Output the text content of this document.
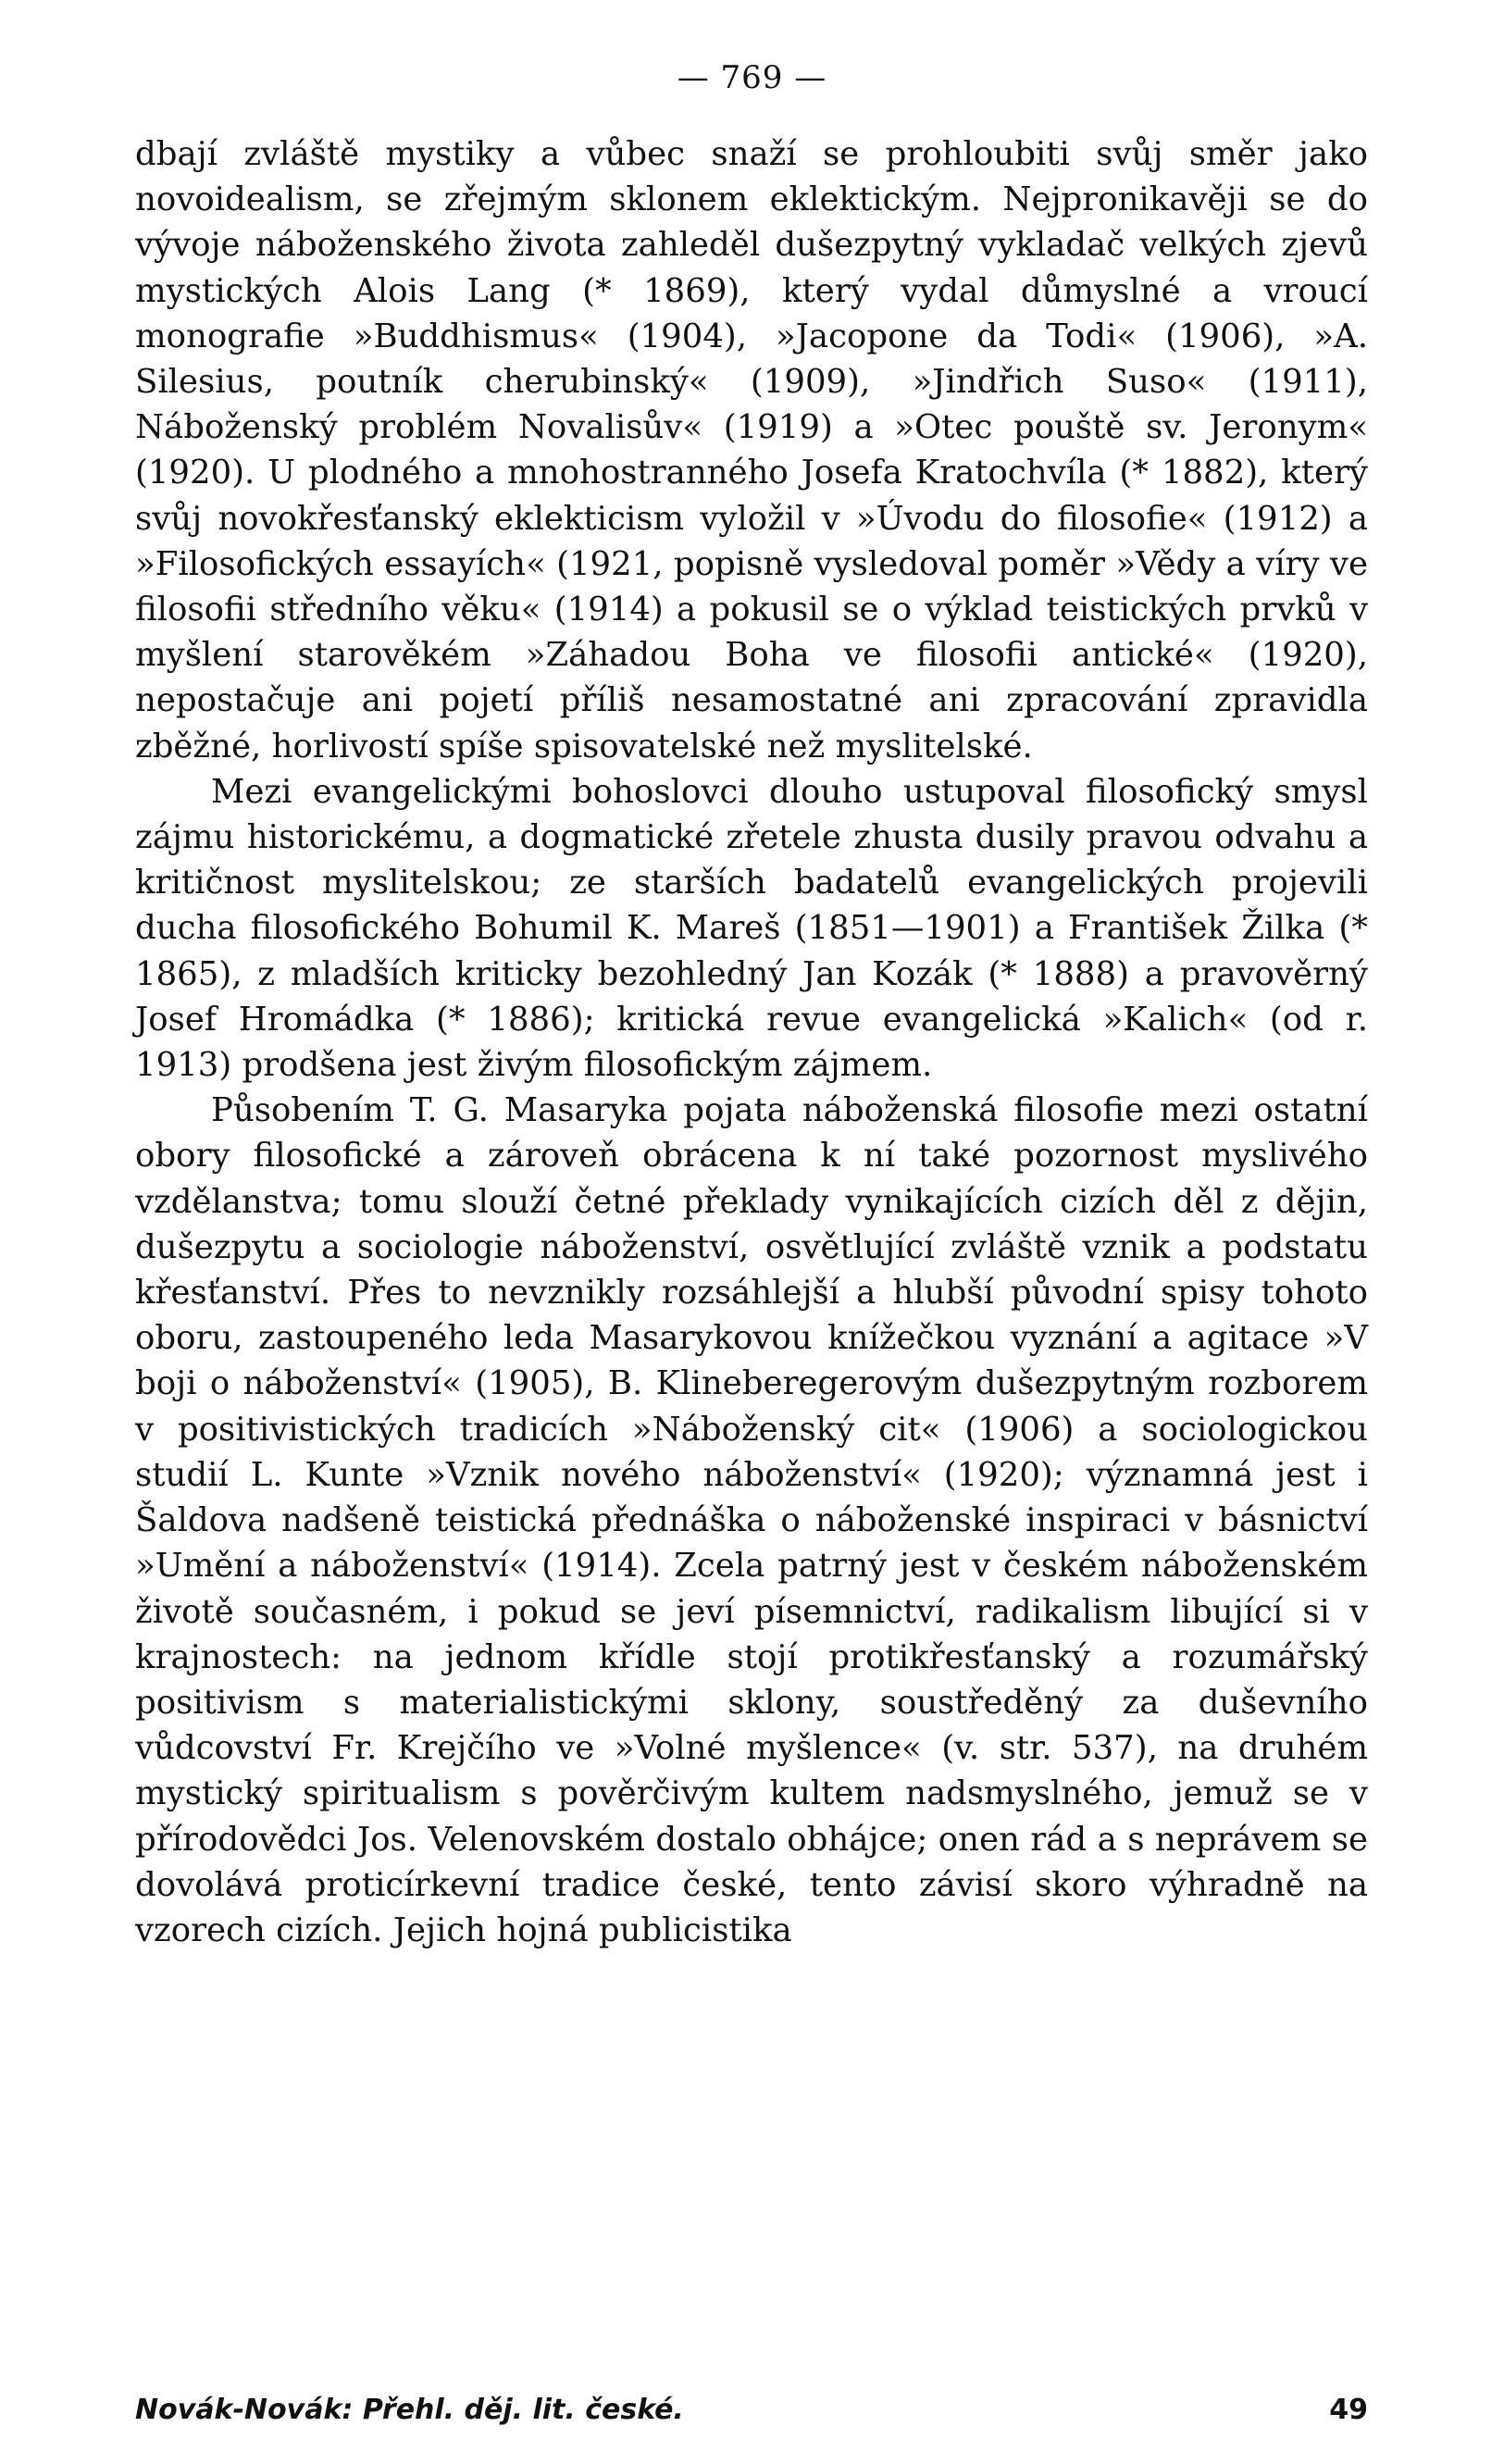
— 769 —

dbají zvláště mystiky a vůbec snaží se prohloubiti svůj směr jako novoidealism, se zřejmým sklonem eklektickým. Nejpronikavěji se do vývoje náboženského života zahleděl dušezpytný vykladač velkých zjevů mystických Alois Lang (* 1869), který vydal důmyslné a vroucí monografie »Buddhismus« (1904), »Jacopone da Todi« (1906), »A. Silesius, poutník cherubinský« (1909), »Jindřich Suso« (1911), Náboženský problém Novalisův« (1919) a »Otec pouště sv. Jeronym« (1920). U plodného a mnohostranného Josefa Kratochvíla (* 1882), který svůj novokřesťanský eklekticism vyložil v »Úvodu do filosofie« (1912) a »Filosofických essayích« (1921, popisně vysledoval poměr »Vědy a víry ve filosofii středního věku« (1914) a pokusil se o výklad teistických prvků v myšlení starověkém »Záhadou Boha ve filosofii antické« (1920), nepostačuje ani pojetí příliš nesamostatné ani zpracování zpravidla zběžné, horlivostí spíše spisovatelské než myslitelské.

Mezi evangelickými bohoslovci dlouho ustupoval filosofický smysl zájmu historickému, a dogmatické zřetele zhusta dusily pravou odvahu a kritičnost myslitelskou; ze starších badatelů evangelických projevili ducha filosofického Bohumil K. Mareš (1851—1901) a František Žilka (* 1865), z mladších kriticky bezohledný Jan Kozák (* 1888) a pravověrný Josef Hromádka (* 1886); kritická revue evangelická »Kalich« (od r. 1913) prodšena jest živým filosofickým zájmem.

Působením T. G. Masaryka pojata náboženská filosofie mezi ostatní obory filosofické a zároveň obrácena k ní také pozornost myslivého vzdělanstva; tomu slouží četné překlady vynikajících cizích děl z dějin, dušezpytu a sociologie náboženství, osvětlující zvláště vznik a podstatu křesťanství. Přes to nevznikly rozsáhlejší a hlubší původní spisy tohoto oboru, zastoupeného leda Masarykovou knížečkou vyznání a agitace »V boji o náboženství« (1905), B. Klineberegerovým dušezpytným rozborem v positivistických tradicích »Náboženský cit« (1906) a sociologickou studií L. Kunte »Vznik nového náboženství« (1920); významná jest i Šaldova nadšeně teistická přednáška o náboženské inspiraci v básnictví »Umění a náboženství« (1914). Zcela patrný jest v českém náboženském životě současném, i pokud se jeví písemnictví, radikalism libující si v krajnostech: na jednom křídle stojí protikřesťanský a rozumářský positivism s materialistickými sklony, soustředěný za duševního vůdcovství Fr. Krejčího ve »Volné myšlence« (v. str. 537), na druhém mystický spiritualism s pověrčivým kultem nadsmyslného, jemuž se v přírodovědci Jos. Velenovském dostalo obhájce; onen rád a s neprávem se dovolává proticírkevní tradice české, tento závisí skoro výhradně na vzorech cizích. Jejich hojná publicistika

Novák-Novák: Přehl. děj. lit. české.	49
